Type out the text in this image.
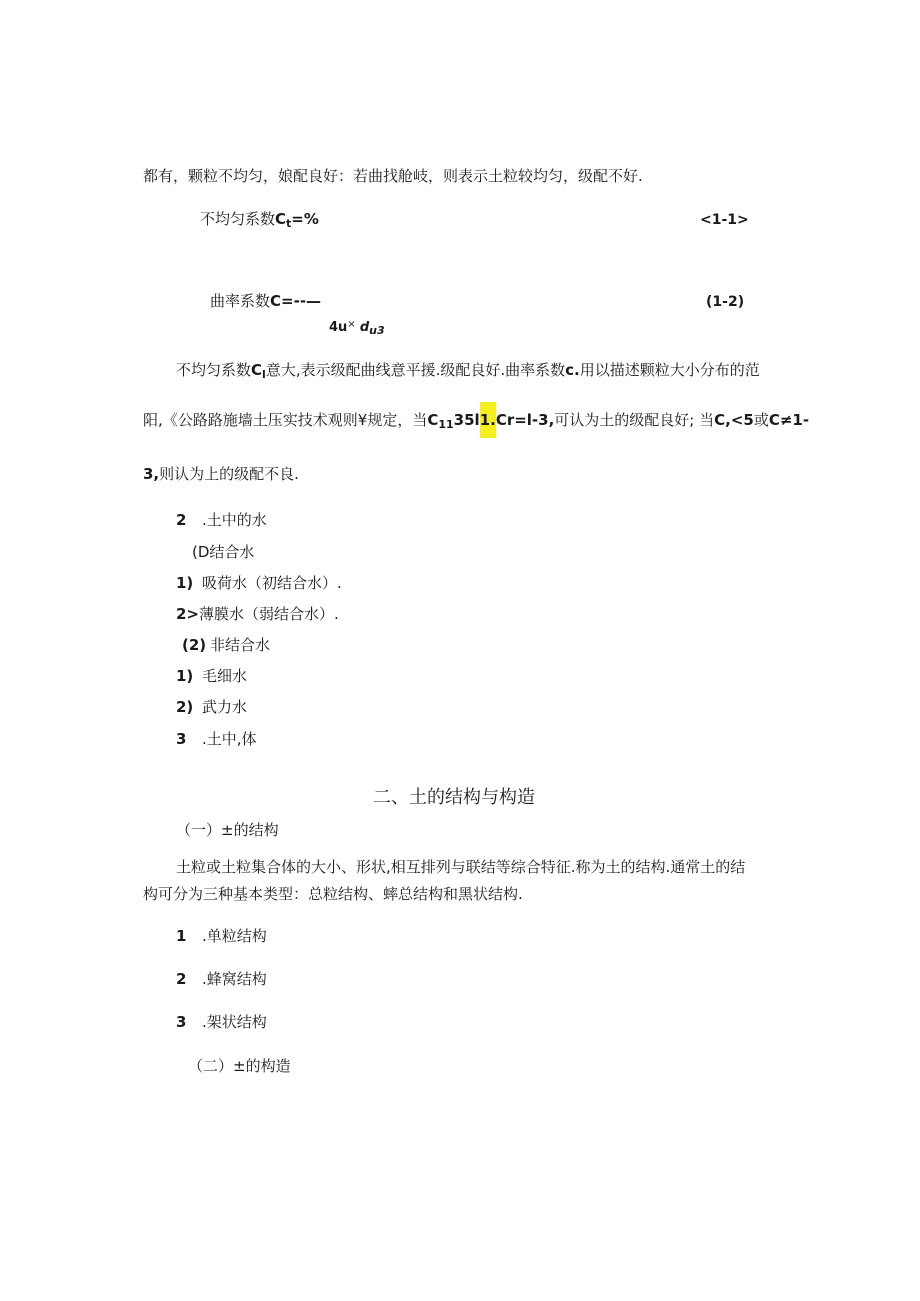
都有，颗粒不均匀，娘配良好：若曲找舱岐，则表示土粒较均匀，级配不好.
不均匀系数$C_t=\%$	<1-1>
曲率系数C=--—
4u× $d_{u3}$
(1-2)
不均匀系数$C_l$意大,表示级配曲线意平援.级配良好.曲率系数c.用以描述颗粒大小分布的范
阳,《公路路施墙土压实技术观则¥规定，当$C_{11}35l1.Cr=l-3$,可认为土的级配良好; 当C,<5或C≠1-
3,则认为上的级配不良.
2 .土中的水
(D结合水
1) 吸荷水（初结合水）.
2>薄膜水（弱结合水）.
(2) 非结合水
1) 毛细水
2) 武力水
3 .土中,体
二、土的结构与构造
（一）±的结构
土粒或土粒集合体的大小、形状,相互排列与联结等综合特征.称为土的结构.通常土的结
构可分为三种基本类型：总粒结构、蟀总结构和黑状结构.
1 .单粒结构
2 .蜂窝结构
3 .架状结构
（二）±的构造
